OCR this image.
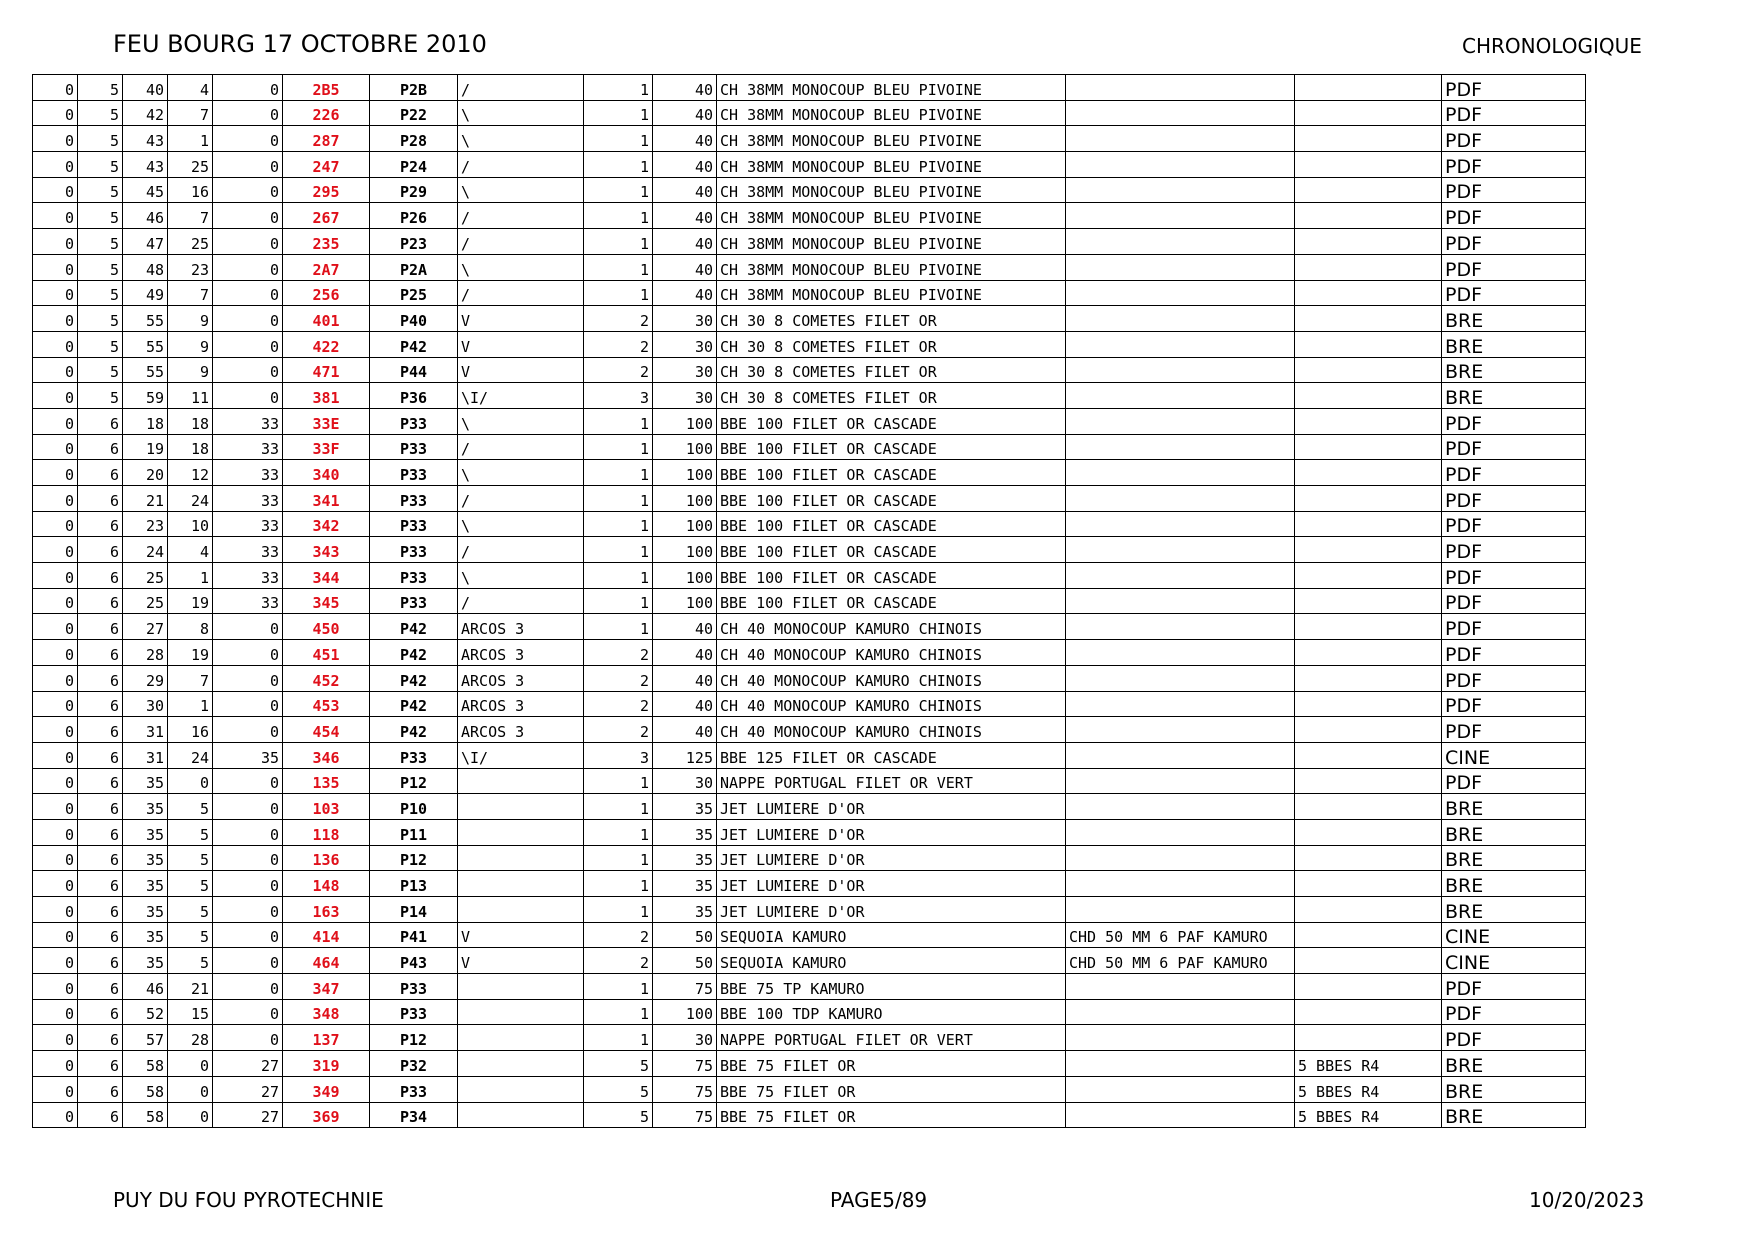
FEU BOURG 17 OCTOBRE 2010	CHRONOLOGIQUE
0	5	40	4	0	2B5	P2B	/	1	40	CH 38MM MONOCOUP BLEU PIVOINE			PDF
0	5	42	7	0	226	P22	\	1	40	CH 38MM MONOCOUP BLEU PIVOINE			PDF
0	5	43	1	0	287	P28	\	1	40	CH 38MM MONOCOUP BLEU PIVOINE			PDF
0	5	43	25	0	247	P24	/	1	40	CH 38MM MONOCOUP BLEU PIVOINE			PDF
0	5	45	16	0	295	P29	\	1	40	CH 38MM MONOCOUP BLEU PIVOINE			PDF
0	5	46	7	0	267	P26	/	1	40	CH 38MM MONOCOUP BLEU PIVOINE			PDF
0	5	47	25	0	235	P23	/	1	40	CH 38MM MONOCOUP BLEU PIVOINE			PDF
0	5	48	23	0	2A7	P2A	\	1	40	CH 38MM MONOCOUP BLEU PIVOINE			PDF
0	5	49	7	0	256	P25	/	1	40	CH 38MM MONOCOUP BLEU PIVOINE			PDF
0	5	55	9	0	401	P40	V	2	30	CH 30 8 COMETES FILET OR			BRE
0	5	55	9	0	422	P42	V	2	30	CH 30 8 COMETES FILET OR			BRE
0	5	55	9	0	471	P44	V	2	30	CH 30 8 COMETES FILET OR			BRE
0	5	59	11	0	381	P36	\I/	3	30	CH 30 8 COMETES FILET OR			BRE
0	6	18	18	33	33E	P33	\	1	100	BBE 100 FILET OR CASCADE			PDF
0	6	19	18	33	33F	P33	/	1	100	BBE 100 FILET OR CASCADE			PDF
0	6	20	12	33	340	P33	\	1	100	BBE 100 FILET OR CASCADE			PDF
0	6	21	24	33	341	P33	/	1	100	BBE 100 FILET OR CASCADE			PDF
0	6	23	10	33	342	P33	\	1	100	BBE 100 FILET OR CASCADE			PDF
0	6	24	4	33	343	P33	/	1	100	BBE 100 FILET OR CASCADE			PDF
0	6	25	1	33	344	P33	\	1	100	BBE 100 FILET OR CASCADE			PDF
0	6	25	19	33	345	P33	/	1	100	BBE 100 FILET OR CASCADE			PDF
0	6	27	8	0	450	P42	ARCOS 3	1	40	CH 40 MONOCOUP KAMURO CHINOIS			PDF
0	6	28	19	0	451	P42	ARCOS 3	2	40	CH 40 MONOCOUP KAMURO CHINOIS			PDF
0	6	29	7	0	452	P42	ARCOS 3	2	40	CH 40 MONOCOUP KAMURO CHINOIS			PDF
0	6	30	1	0	453	P42	ARCOS 3	2	40	CH 40 MONOCOUP KAMURO CHINOIS			PDF
0	6	31	16	0	454	P42	ARCOS 3	2	40	CH 40 MONOCOUP KAMURO CHINOIS			PDF
0	6	31	24	35	346	P33	\I/	3	125	BBE 125 FILET OR CASCADE			CINE
0	6	35	0	0	135	P12		1	30	NAPPE PORTUGAL FILET OR VERT			PDF
0	6	35	5	0	103	P10		1	35	JET LUMIERE D'OR			BRE
0	6	35	5	0	118	P11		1	35	JET LUMIERE D'OR			BRE
0	6	35	5	0	136	P12		1	35	JET LUMIERE D'OR			BRE
0	6	35	5	0	148	P13		1	35	JET LUMIERE D'OR			BRE
0	6	35	5	0	163	P14		1	35	JET LUMIERE D'OR			BRE
0	6	35	5	0	414	P41	V	2	50	SEQUOIA KAMURO	CHD 50 MM 6 PAF KAMURO		CINE
0	6	35	5	0	464	P43	V	2	50	SEQUOIA KAMURO	CHD 50 MM 6 PAF KAMURO		CINE
0	6	46	21	0	347	P33		1	75	BBE 75 TP KAMURO			PDF
0	6	52	15	0	348	P33		1	100	BBE 100 TDP KAMURO			PDF
0	6	57	28	0	137	P12		1	30	NAPPE PORTUGAL FILET OR VERT			PDF
0	6	58	0	27	319	P32		5	75	BBE 75 FILET OR		5 BBES R4	BRE
0	6	58	0	27	349	P33		5	75	BBE 75 FILET OR		5 BBES R4	BRE
0	6	58	0	27	369	P34		5	75	BBE 75 FILET OR		5 BBES R4	BRE
PUY DU FOU PYROTECHNIE	PAGE5/89	10/20/2023
